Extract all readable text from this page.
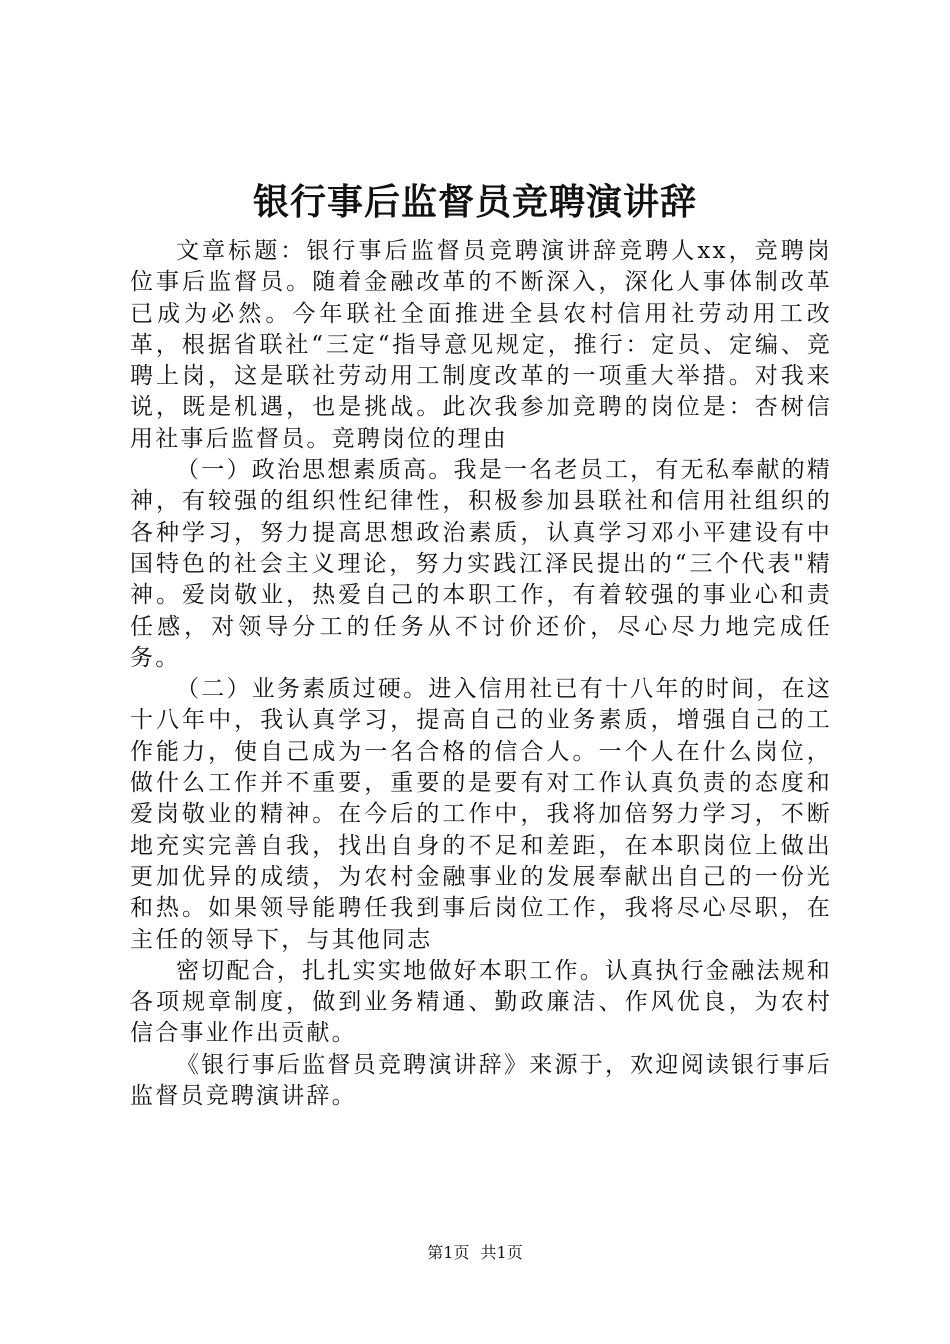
银行事后监督员竞聘演讲辞

文章标题：银行事后监督员竞聘演讲辞竞聘人xx，竞聘岗位事后监督员。随着金融改革的不断深入，深化人事体制改革已成为必然。今年联社全面推进全县农村信用社劳动用工改革，根据省联社“三定“指导意见规定，推行：定员、定编、竞聘上岗，这是联社劳动用工制度改革的一项重大举措。对我来说，既是机遇，也是挑战。此次我参加竞聘的岗位是：杏树信用社事后监督员。竞聘岗位的理由

（一）政治思想素质高。我是一名老员工，有无私奉献的精神，有较强的组织性纪律性，积极参加县联社和信用社组织的各种学习，努力提高思想政治素质，认真学习邓小平建设有中国特色的社会主义理论，努力实践江泽民提出的“三个代表"精神。爱岗敬业，热爱自己的本职工作，有着较强的事业心和责任感，对领导分工的任务从不讨价还价，尽心尽力地完成任务。

（二）业务素质过硬。进入信用社已有十八年的时间，在这十八年中，我认真学习，提高自己的业务素质，增强自己的工作能力，使自己成为一名合格的信合人。一个人在什么岗位，做什么工作并不重要，重要的是要有对工作认真负责的态度和爱岗敬业的精神。在今后的工作中，我将加倍努力学习，不断地充实完善自我，找出自身的不足和差距，在本职岗位上做出更加优异的成绩，为农村金融事业的发展奉献出自己的一份光和热。如果领导能聘任我到事后岗位工作，我将尽心尽职，在主任的领导下，与其他同志

密切配合，扎扎实实地做好本职工作。认真执行金融法规和各项规章制度，做到业务精通、勤政廉洁、作风优良，为农村信合事业作出贡献。

《银行事后监督员竞聘演讲辞》来源于，欢迎阅读银行事后监督员竞聘演讲辞。

第1页 共1页
